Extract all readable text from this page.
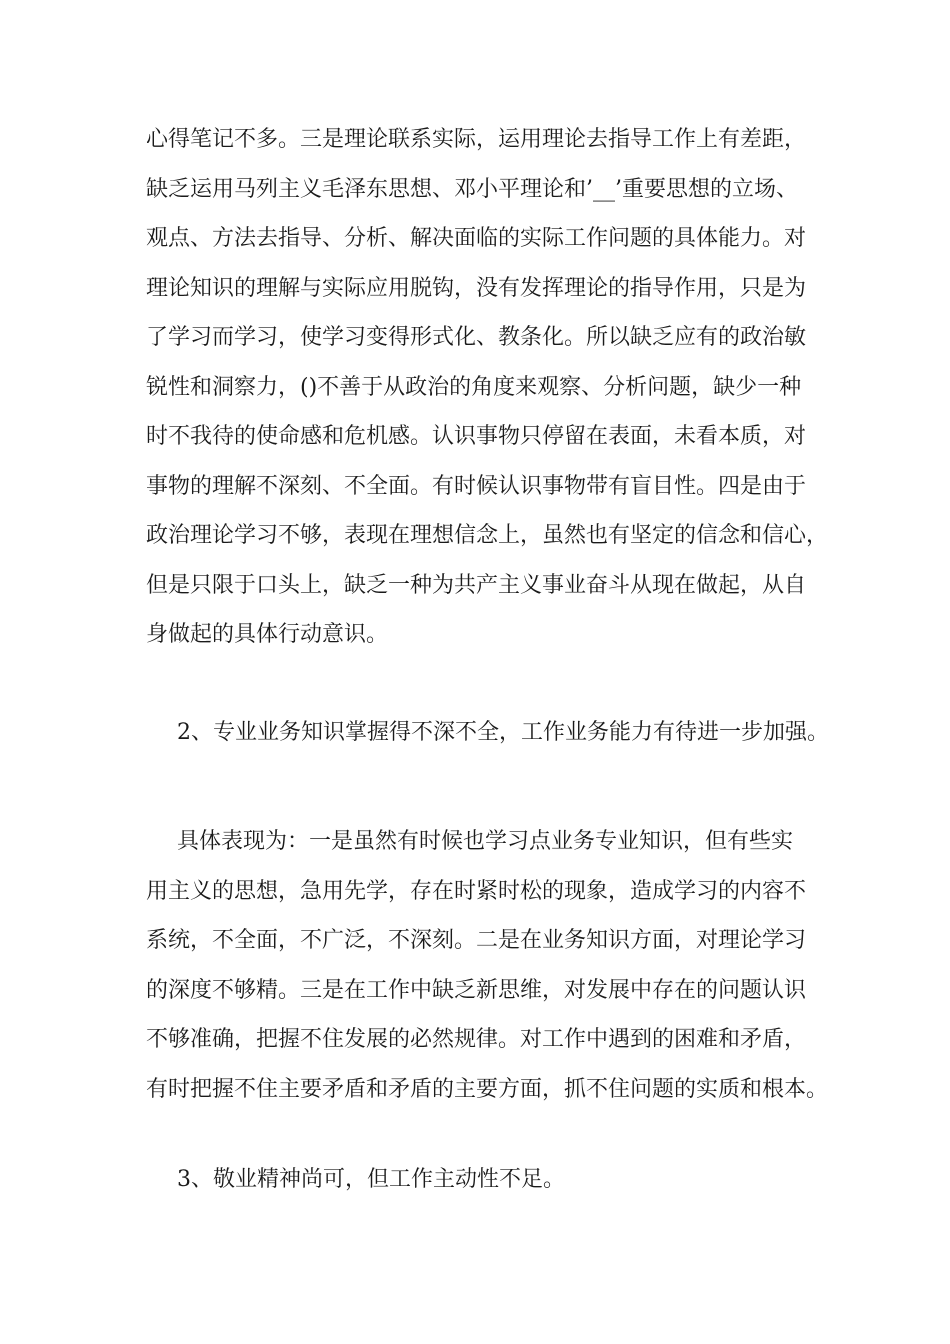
心得笔记不多。三是理论联系实际，运用理论去指导工作上有差距，
缺乏运用马列主义毛泽东思想、邓小平理论和’__’重要思想的立场、
观点、方法去指导、分析、解决面临的实际工作问题的具体能力。对
理论知识的理解与实际应用脱钩，没有发挥理论的指导作用，只是为
了学习而学习，使学习变得形式化、教条化。所以缺乏应有的政治敏
锐性和洞察力，()不善于从政治的角度来观察、分析问题，缺少一种
时不我待的使命感和危机感。认识事物只停留在表面，未看本质，对
事物的理解不深刻、不全面。有时候认识事物带有盲目性。四是由于
政治理论学习不够，表现在理想信念上，虽然也有坚定的信念和信心，
但是只限于口头上，缺乏一种为共产主义事业奋斗从现在做起，从自
身做起的具体行动意识。
2、专业业务知识掌握得不深不全，工作业务能力有待进一步加强。
具体表现为：一是虽然有时候也学习点业务专业知识，但有些实
用主义的思想，急用先学，存在时紧时松的现象，造成学习的内容不
系统，不全面，不广泛，不深刻。二是在业务知识方面，对理论学习
的深度不够精。三是在工作中缺乏新思维，对发展中存在的问题认识
不够准确，把握不住发展的必然规律。对工作中遇到的困难和矛盾，
有时把握不住主要矛盾和矛盾的主要方面，抓不住问题的实质和根本。
3、敬业精神尚可，但工作主动性不足。
